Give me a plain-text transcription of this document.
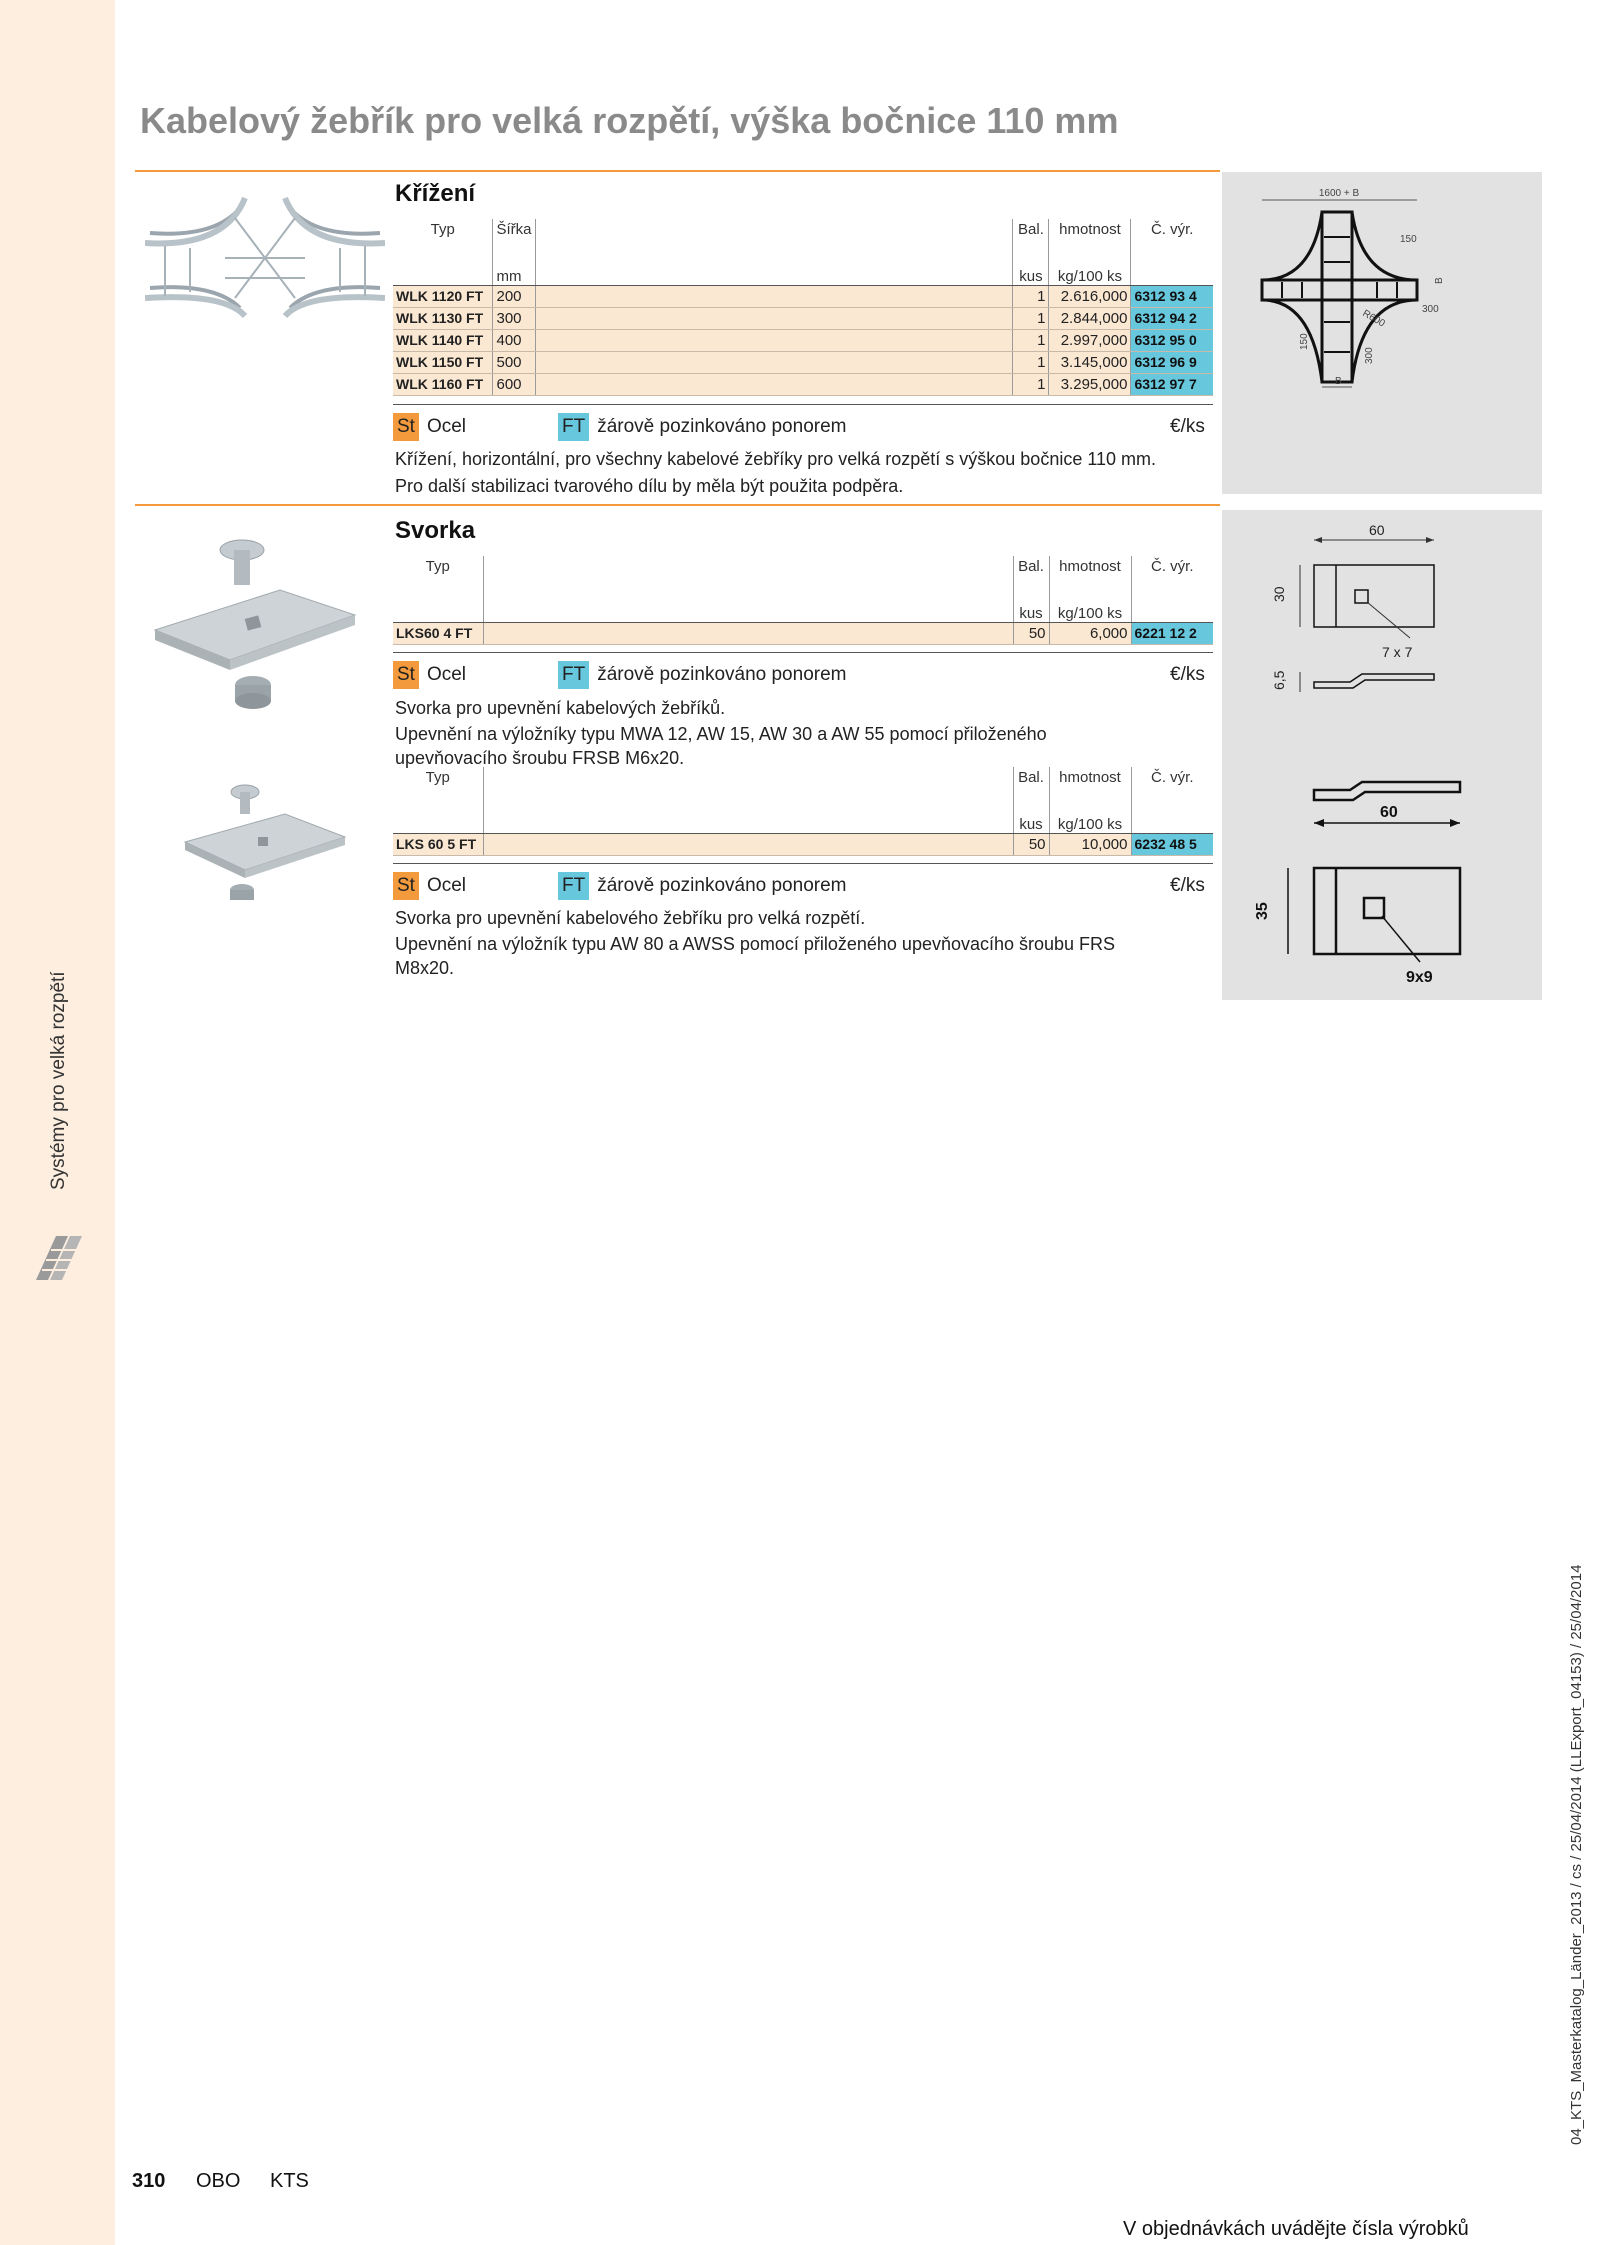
Systémy pro velká rozpětí
Kabelový žebřík pro velká rozpětí, výška bočnice 110 mm
Křížení
Typ	Šířka		Bal.	hmotnost	Č. výr.
	mm		kus	kg/100 ks	
WLK 1120 FT	200		1	2.616,000	6312 93 4
WLK 1130 FT	300		1	2.844,000	6312 94 2
WLK 1140 FT	400		1	2.997,000	6312 95 0
WLK 1150 FT	500		1	3.145,000	6312 96 9
WLK 1160 FT	600		1	3.295,000	6312 97 7
St Ocel	FT žárově pozinkováno ponorem	€/ks
Křížení, horizontální, pro všechny kabelové žebříky pro velká rozpětí s výškou bočnice 110 mm.
Pro další stabilizaci tvarového dílu by měla být použita podpěra.
1600 + B
150
B
300
R600
150
300
B
Svorka
Typ		Bal.	hmotnost	Č. výr.
		kus	kg/100 ks	
LKS60 4 FT		50	6,000	6221 12 2
St Ocel	FT žárově pozinkováno ponorem	€/ks
Svorka pro upevnění kabelových žebříků.
Upevnění na výložníky typu MWA 12, AW 15, AW 30 a AW 55 pomocí přiloženého upevňovacího šroubu FRSB M6x20.
Typ		Bal.	hmotnost	Č. výr.
		kus	kg/100 ks	
LKS 60 5 FT		50	10,000	6232 48 5
St Ocel	FT žárově pozinkováno ponorem	€/ks
Svorka pro upevnění kabelového žebříku pro velká rozpětí.
Upevnění na výložník typu AW 80 a AWSS pomocí přiloženého upevňovacího šroubu FRS M8x20.
60
7 x 7
30
6,5
60
9x9
35
310 OBO KTS
V objednávkách uvádějte čísla výrobků
04_KTS_Masterkatalog_Länder_2013 / cs / 25/04/2014 (LLExport_04153) / 25/04/2014
